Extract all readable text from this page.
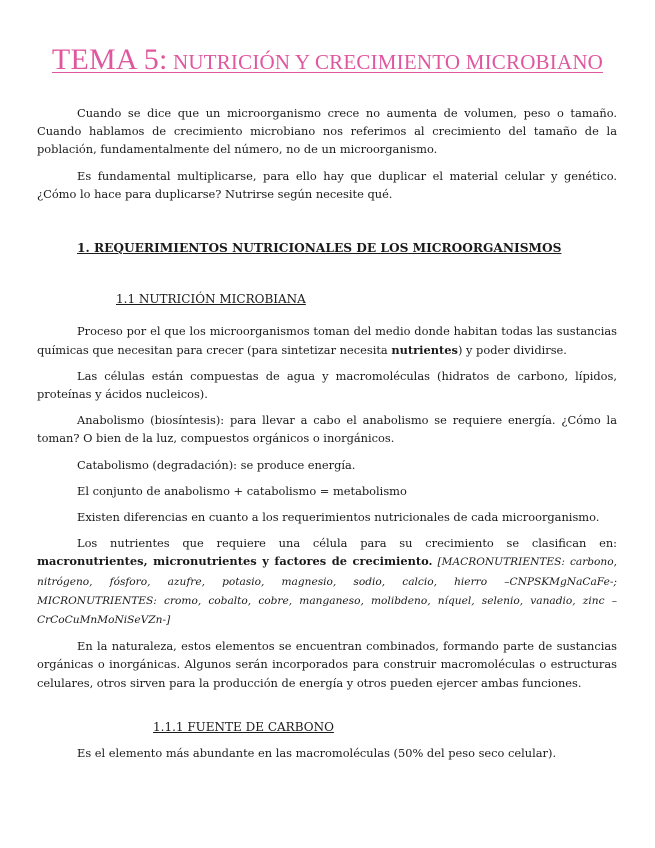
TEMA 5: NUTRICIÓN Y CRECIMIENTO MICROBIANO

Cuando se dice que un microorganismo crece no aumenta de volumen, peso o tamaño. Cuando hablamos de crecimiento microbiano nos referimos al crecimiento del tamaño de la población, fundamentalmente del número, no de un microorganismo.

Es fundamental multiplicarse, para ello hay que duplicar el material celular y genético. ¿Cómo lo hace para duplicarse? Nutrirse según necesite qué.

1. REQUERIMIENTOS NUTRICIONALES DE LOS MICROORGANISMOS
1.1 NUTRICIÓN MICROBIANA

Proceso por el que los microorganismos toman del medio donde habitan todas las sustancias químicas que necesitan para crecer (para sintetizar necesita nutrientes) y poder dividirse.

Las células están compuestas de agua y macromoléculas (hidratos de carbono, lípidos, proteínas y ácidos nucleicos).

Anabolismo (biosíntesis): para llevar a cabo el anabolismo se requiere energía. ¿Cómo la toman? O bien de la luz, compuestos orgánicos o inorgánicos.

Catabolismo (degradación): se produce energía.

El conjunto de anabolismo + catabolismo = metabolismo

Existen diferencias en cuanto a los requerimientos nutricionales de cada microorganismo.

Los nutrientes que requiere una célula para su crecimiento se clasifican en: macronutrientes, micronutrientes y factores de crecimiento. [MACRONUTRIENTES: carbono, nitrógeno, fósforo, azufre, potasio, magnesio, sodio, calcio, hierro –CNPSKMgNaCaFe-; MICRONUTRIENTES: cromo, cobalto, cobre, manganeso, molibdeno, níquel, selenio, vanadio, zinc –CrCoCuMnMoNiSeVZn-]

En la naturaleza, estos elementos se encuentran combinados, formando parte de sustancias orgánicas o inorgánicas. Algunos serán incorporados para construir macromoléculas o estructuras celulares, otros sirven para la producción de energía y otros pueden ejercer ambas funciones.

1.1.1 FUENTE DE CARBONO

Es el elemento más abundante en las macromoléculas (50% del peso seco celular).
